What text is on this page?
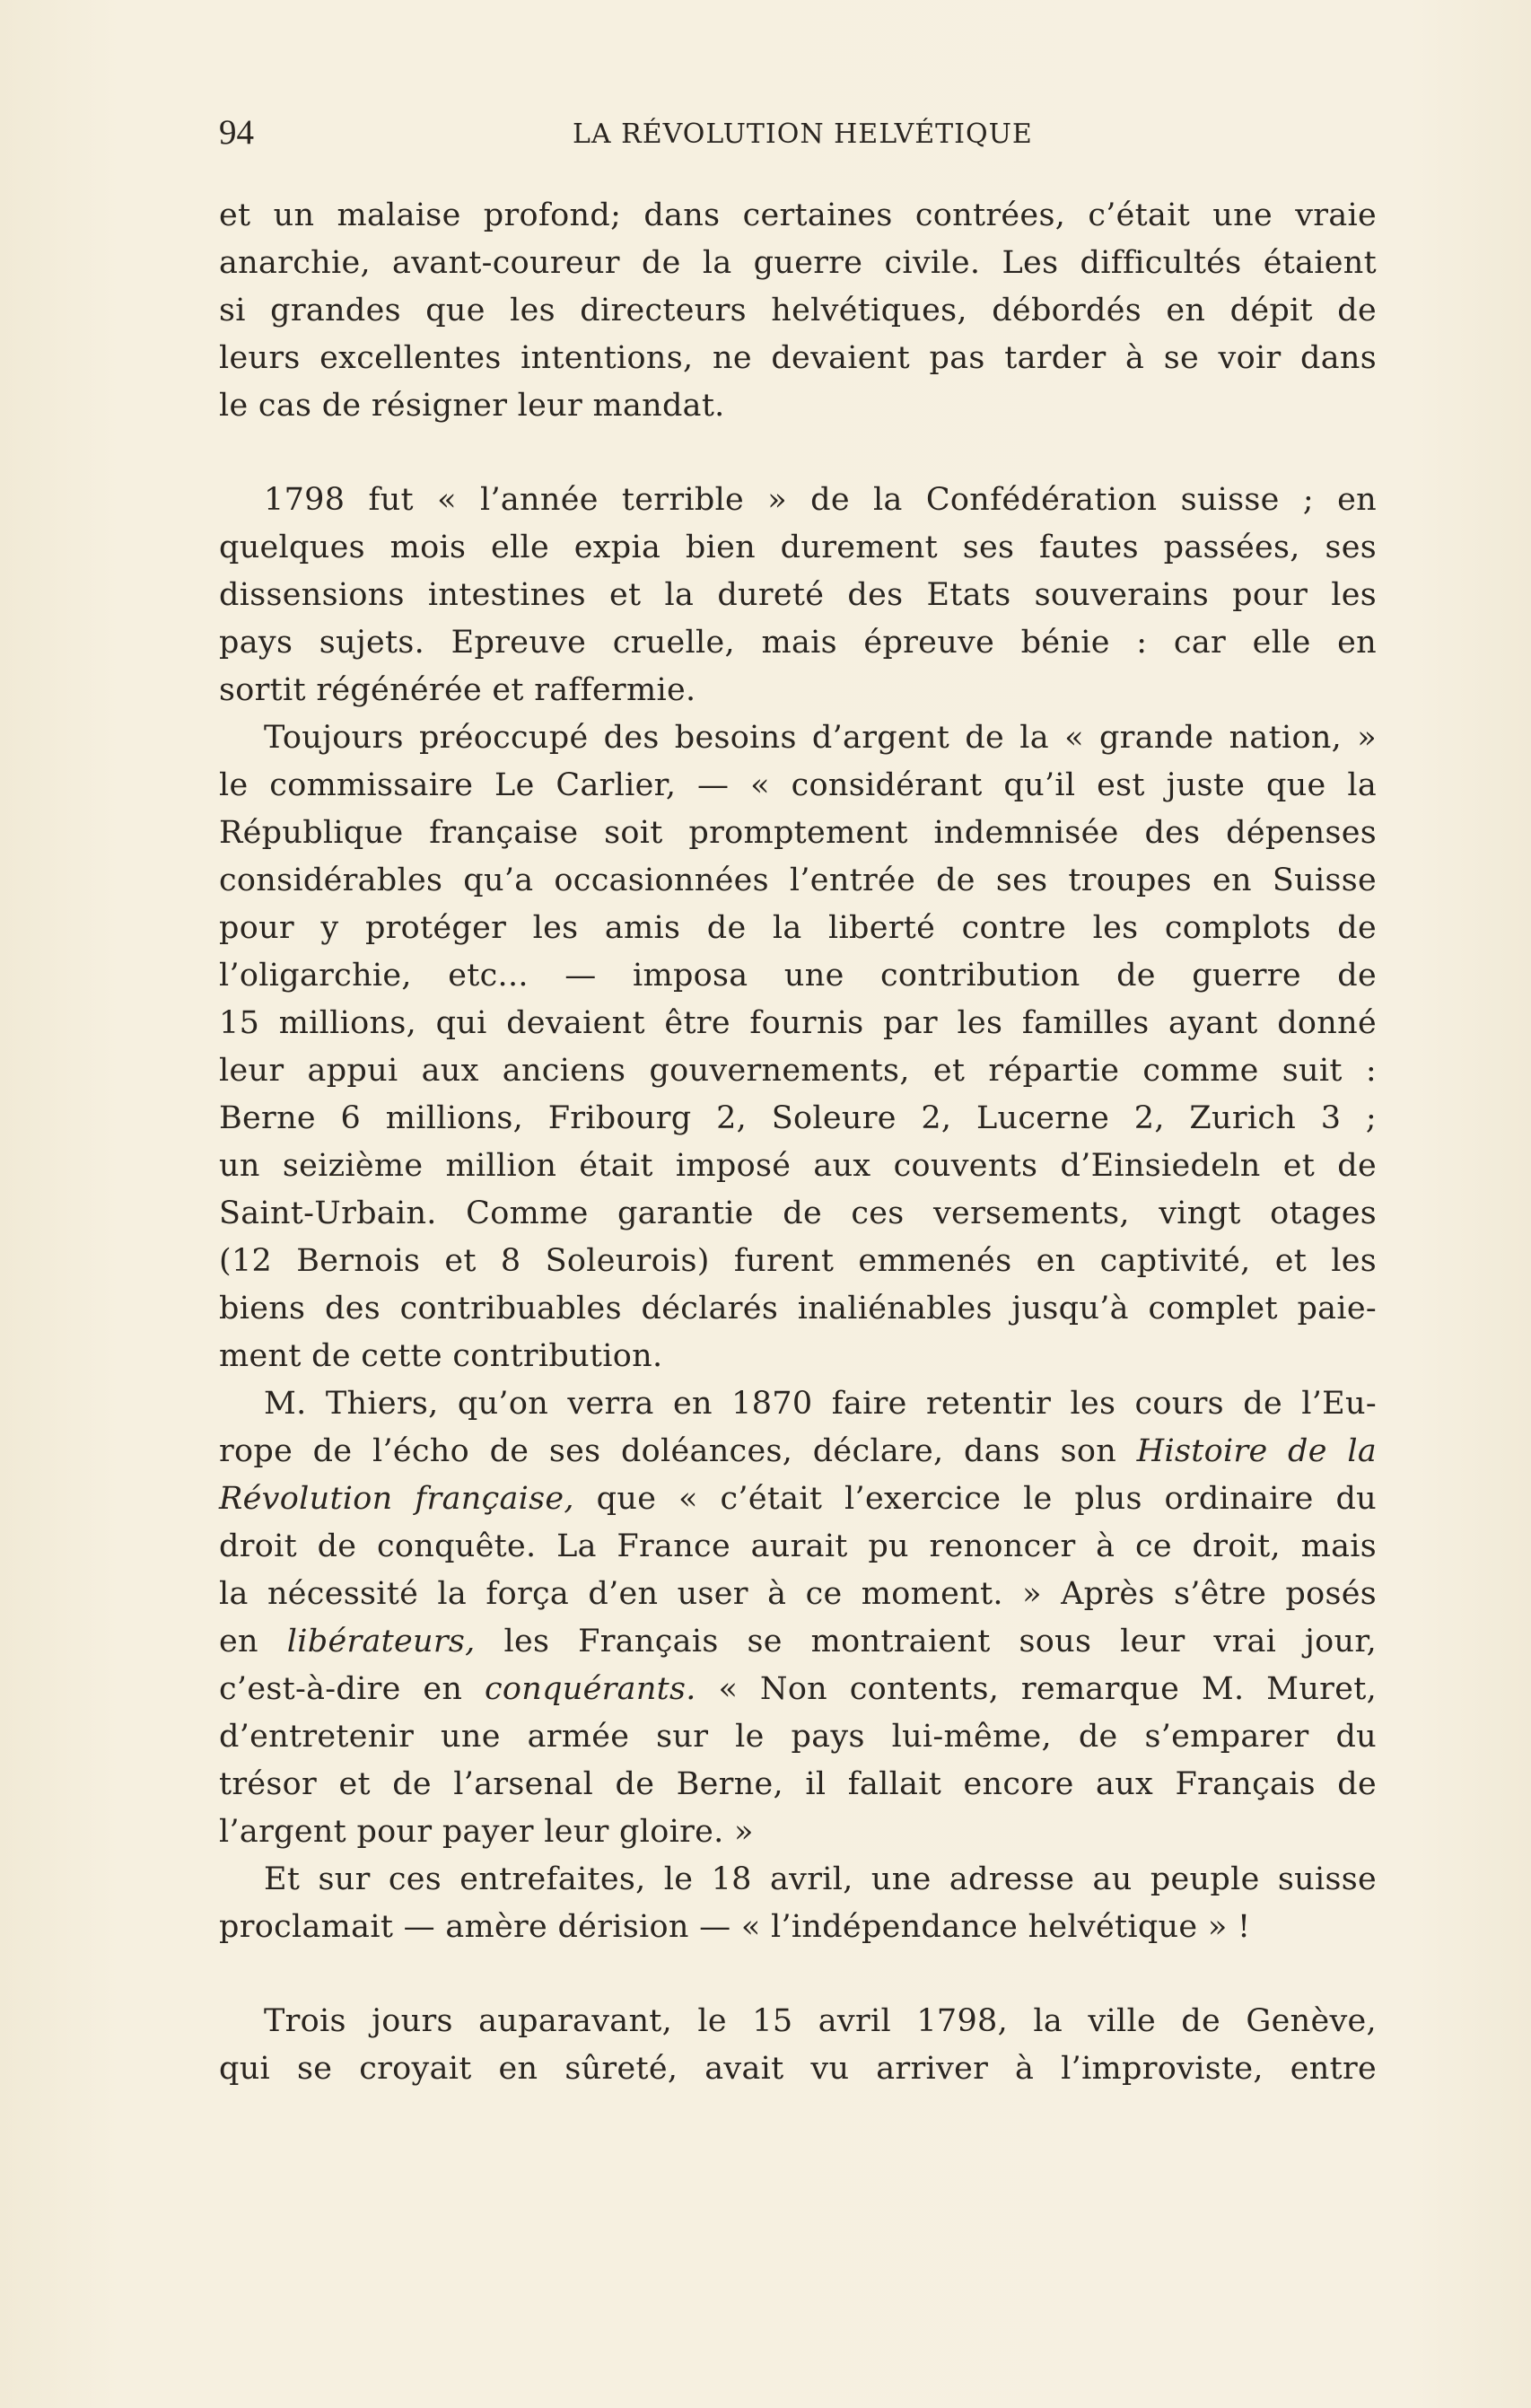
94	LA RÉVOLUTION HELVÉTIQUE
et un malaise profond; dans certaines contrées, c’était une vraie
anarchie, avant-coureur de la guerre civile. Les difficultés étaient
si grandes que les directeurs helvétiques, débordés en dépit de
leurs excellentes intentions, ne devaient pas tarder à se voir dans
le cas de résigner leur mandat.
1798 fut « l’année terrible » de la Confédération suisse ; en
quelques mois elle expia bien durement ses fautes passées, ses
dissensions intestines et la dureté des Etats souverains pour les
pays sujets. Epreuve cruelle, mais épreuve bénie : car elle en
sortit régénérée et raffermie.
Toujours préoccupé des besoins d’argent de la « grande nation, »
le commissaire Le Carlier, — « considérant qu’il est juste que la
République française soit promptement indemnisée des dépenses
considérables qu’a occasionnées l’entrée de ses troupes en Suisse
pour y protéger les amis de la liberté contre les complots de
l’oligarchie, etc... — imposa une contribution de guerre de
15 millions, qui devaient être fournis par les familles ayant donné
leur appui aux anciens gouvernements, et répartie comme suit :
Berne 6 millions, Fribourg 2, Soleure 2, Lucerne 2, Zurich 3 ;
un seizième million était imposé aux couvents d’Einsiedeln et de
Saint-Urbain. Comme garantie de ces versements, vingt otages
(12 Bernois et 8 Soleurois) furent emmenés en captivité, et les
biens des contribuables déclarés inaliénables jusqu’à complet paie-
ment de cette contribution.
M. Thiers, qu’on verra en 1870 faire retentir les cours de l’Eu-
rope de l’écho de ses doléances, déclare, dans son Histoire de la
Révolution française, que « c’était l’exercice le plus ordinaire du
droit de conquête. La France aurait pu renoncer à ce droit, mais
la nécessité la força d’en user à ce moment. » Après s’être posés
en libérateurs, les Français se montraient sous leur vrai jour,
c’est-à-dire en conquérants. « Non contents, remarque M. Muret,
d’entretenir une armée sur le pays lui-même, de s’emparer du
trésor et de l’arsenal de Berne, il fallait encore aux Français de
l’argent pour payer leur gloire. »
Et sur ces entrefaites, le 18 avril, une adresse au peuple suisse
proclamait — amère dérision — « l’indépendance helvétique » !
Trois jours auparavant, le 15 avril 1798, la ville de Genève,
qui se croyait en sûreté, avait vu arriver à l’improviste, entre
